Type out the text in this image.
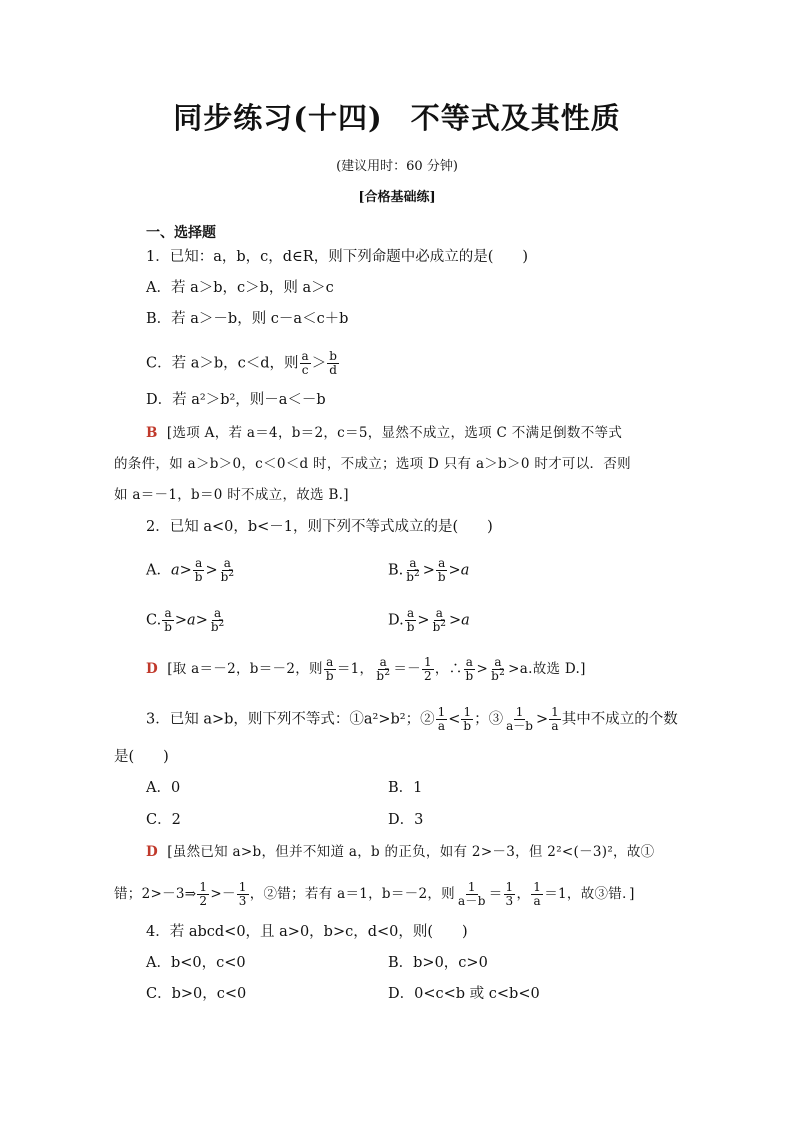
同步练习(十四) 不等式及其性质
(建议用时：60 分钟)
[合格基础练]
一、选择题
1．已知：a，b，c，d∈R，则下列命题中必成立的是(　　)
A．若 a＞b，c＞b，则 a＞c
B．若 a＞－b，则 c－a＜c＋b
C．若 a＞b，c＜d，则 $\frac{a}{c} > \frac{b}{d}$
D．若 a²＞b²，则－a＜－b
B [选项 A，若 a＝4，b＝2，c＝5，显然不成立，选项 C 不满足倒数不等式
的条件，如 a＞b＞0，c＜0＜d 时，不成立；选项 D 只有 a＞b＞0 时才可以．否则
如 a＝－1，b＝0 时不成立，故选 B.]
2．已知 a<0，b<－1，则下列不等式成立的是(　　)
A．$a> \frac{a}{b} > \frac{a}{b^2}$	B. $\frac{a}{b^2} > \frac{a}{b} >a$
C. $\frac{a}{b} >a> \frac{a}{b^2}$	D. $\frac{a}{b} > \frac{a}{b^2} >a$
D [取 a＝－2，b＝－2，则 $\frac{a}{b} =1$， $\frac{a}{b^2} =- \frac{1}{2}$ ，∴ $\frac{a}{b} > \frac{a}{b^2} >a$.故选 D.]
3．已知 a>b，则下列不等式：①a²>b²；② $\frac{1}{a} < \frac{1}{b}$ ；③ $\frac{1}{a-b} > \frac{1}{a}$ 其中不成立的个数
是(　　)
A．0	B．1
C．2	D．3
D [虽然已知 a>b，但并不知道 a，b 的正负，如有 2>－3，但 2²<(－3)²，故①
错；2>－3⇒ $\frac{1}{2} >- \frac{1}{3}$ ，②错；若有 a＝1，b＝－2，则 $\frac{1}{a-b} = \frac{1}{3}$ ， $\frac{1}{a} =1$，故③错．]
4．若 abcd<0，且 a>0，b>c，d<0，则(　　)
A．b<0，c<0	B．b>0，c>0
C．b>0，c<0	D．0<c<b 或 c<b<0
